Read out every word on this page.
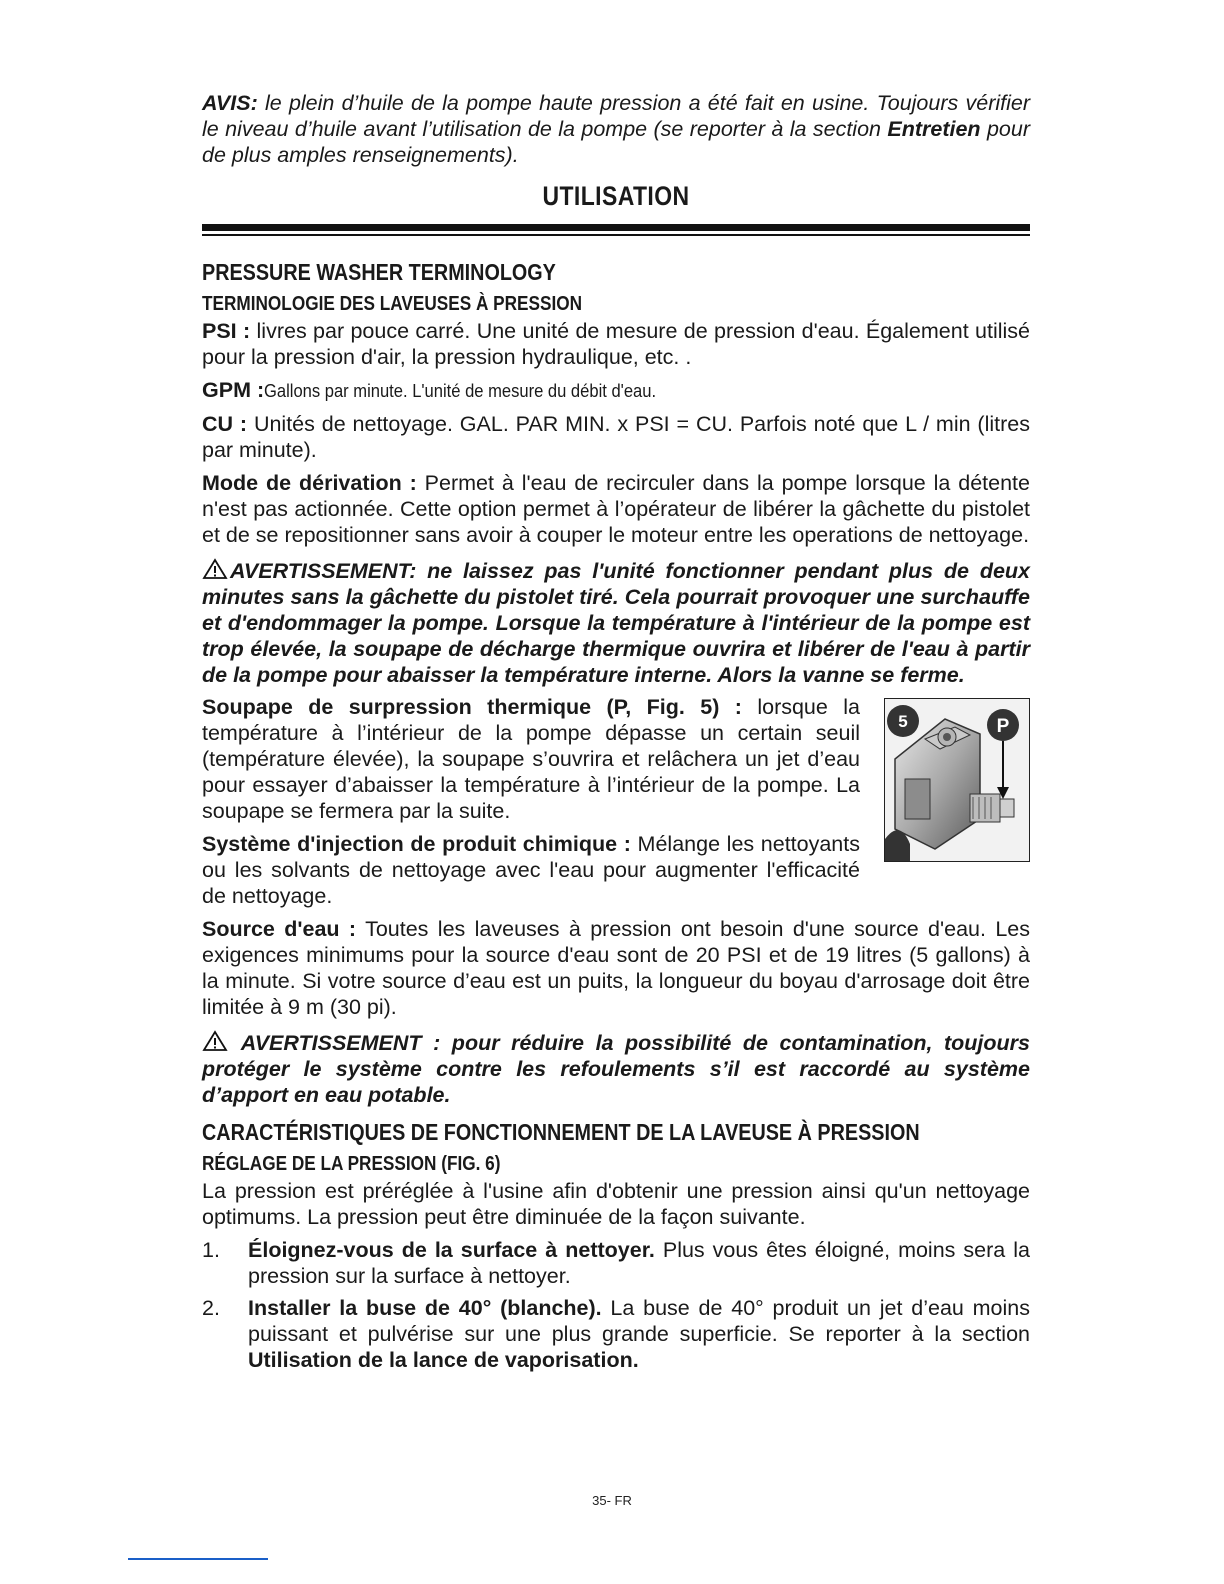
AVIS: le plein d’huile de la pompe haute pression a été fait en usine. Toujours vérifier le niveau d’huile avant l’utilisation de la pompe (se reporter à la section Entretien pour de plus amples renseignements).

UTILISATION
PRESSURE WASHER TERMINOLOGY
TERMINOLOGIE DES LAVEUSES À PRESSION

PSI : livres par pouce carré. Une unité de mesure de pression d'eau. Également utilisé pour la pression d'air, la pression hydraulique, etc. .

GPM :Gallons par minute. L'unité de mesure du débit d'eau.

CU : Unités de nettoyage. GAL. PAR MIN. x PSI = CU. Parfois noté que L / min (litres par minute).

Mode de dérivation : Permet à l'eau de recirculer dans la pompe lorsque la détente n'est pas actionnée. Cette option permet à l’opérateur de libérer la gâchette du pistolet et de se repositionner sans avoir à couper le moteur entre les operations de nettoyage.

AVERTISSEMENT: ne laissez pas l'unité fonctionner pendant plus de deux minutes sans la gâchette du pistolet tiré. Cela pourrait provoquer une surchauffe et d'endommager la pompe. Lorsque la température à l'intérieur de la pompe est trop élevée, la soupape de décharge thermique ouvrira et libérer de l'eau à partir de la pompe pour abaisser la température interne. Alors la vanne se ferme.

Soupape de surpression thermique (P, Fig. 5) : lorsque la température à l’intérieur de la pompe dépasse un certain seuil (température élevée), la soupape s’ouvrira et relâchera un jet d’eau pour essayer d’abaisser la température à l’intérieur de la pompe. La soupape se fermera par la suite.

Système d'injection de produit chimique : Mélange les nettoyants ou les solvants de nettoyage avec l'eau pour augmenter l'efficacité de nettoyage.

5	P

Source d'eau : Toutes les laveuses à pression ont besoin d'une source d'eau. Les exigences minimums pour la source d'eau sont de 20 PSI et de 19 litres (5 gallons) à la minute. Si votre source d’eau est un puits, la longueur du boyau d'arrosage doit être limitée à 9 m (30 pi).

AVERTISSEMENT : pour réduire la possibilité de contamination, toujours protéger le système contre les refoulements s’il est raccordé au système d’apport en eau potable.

CARACTÉRISTIQUES DE FONCTIONNEMENT DE LA LAVEUSE À PRESSION
RÉGLAGE DE LA PRESSION (FIG. 6)

La pression est préréglée à l'usine afin d'obtenir une pression ainsi qu'un nettoyage optimums. La pression peut être diminuée de la façon suivante.

1.	Éloignez-vous de la surface à nettoyer. Plus vous êtes éloigné, moins sera la pression sur la surface à nettoyer.
2.	Installer la buse de 40° (blanche). La buse de 40° produit un jet d’eau moins puissant et pulvérise sur une plus grande superficie. Se reporter à la section Utilisation de la lance de vaporisation.
35- FR
